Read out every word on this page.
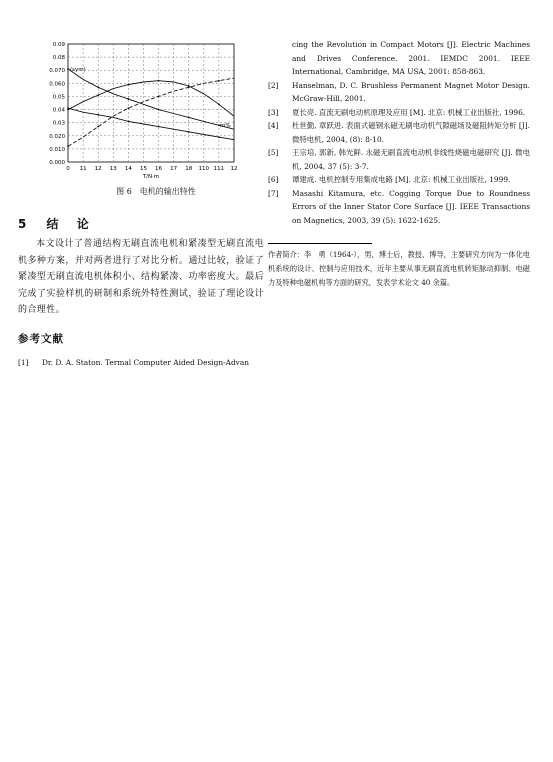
0.09
0.08
0.070
0.060
0.05
0.04
0.03
0.020
0.010
0.000
0 11 12 13 14 15 16 17 18 110 111 12
T/N·m
(sym)
m%
图 6　电机的输出特性
5 结 论
本文设计了普通结构无刷直流电机和紧凑型无刷直流电机多种方案，并对两者进行了对比分析。通过比较，验证了紧凑型无刷直流电机体积小、结构紧凑、功率密度大。最后完成了实验样机的研制和系统外特性测试，验证了理论设计的合理性。
参考文献
[1]	Dr. D. A. Staton. Termal Computer Aided Design-Advan
cing the Revolution in Compact Motors [J]. Electric Machines and Drives Conference. 2001. IEMDC 2001. IEEE International, Cambridge, MA USA, 2001: 858-863.
[2]	Hanselman, D. C. Brushless Permanent Magnet Motor Design. McGraw-Hill, 2001.
[3]	夏长亮. 直流无刷电动机原理及应用 [M]. 北京: 机械工业出版社, 1996.
[4]	杜世勤, 章跃进. 表面式磁钢永磁无刷电动机气隙磁场及磁阻转矩分析 [J]. 微特电机, 2004, (8): 8-10.
[5]	王宗培, 郭新, 韩光鲜. 永磁无刷直流电动机非线性烧磁电磁研究 [J]. 微电机, 2004, 37 (5): 3-7.
[6]	谭建成. 电机控制专用集成电路 [M]. 北京: 机械工业出版社, 1999.
[7]	Masashi Kitamura, etc. Cogging Torque Due to Roundness Errors of the Inner Stator Core Surface [J]. IEEE Transactions on Magnetics, 2003, 39 (5): 1622-1625.
作者简介：李　勇（1964-），男，博士后，教授、博导，主要研究方向为一体化电机系统的设计、控制与应用技术，近年主要从事无刷直流电机转矩脉动抑制、电磁力及特种电磁机构等方面的研究，发表学术论文 40 余篇。
